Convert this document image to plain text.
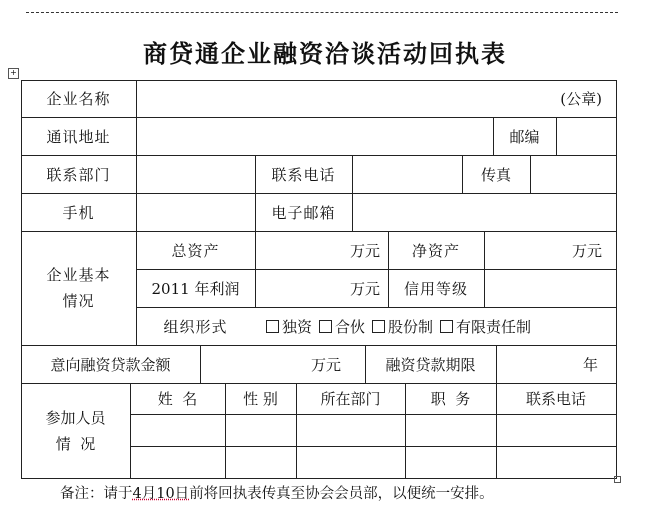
商贷通企业融资洽谈活动回执表
+
企业名称	(公章)
通讯地址	邮编
联系部门	联系电话	传真
手机	电子邮箱
企业基本
情况
总资产	万元	净资产	万元
2011 年利润	万元	信用等级
组织形式	独资 合伙 股份制 有限责任制
意向融资贷款金额	万元	融资贷款期限	年
参加人员
情  况
姓  名	性 别	所在部门	职  务	联系电话
备注：请于4月10日前将回执表传真至协会会员部，以便统一安排。
